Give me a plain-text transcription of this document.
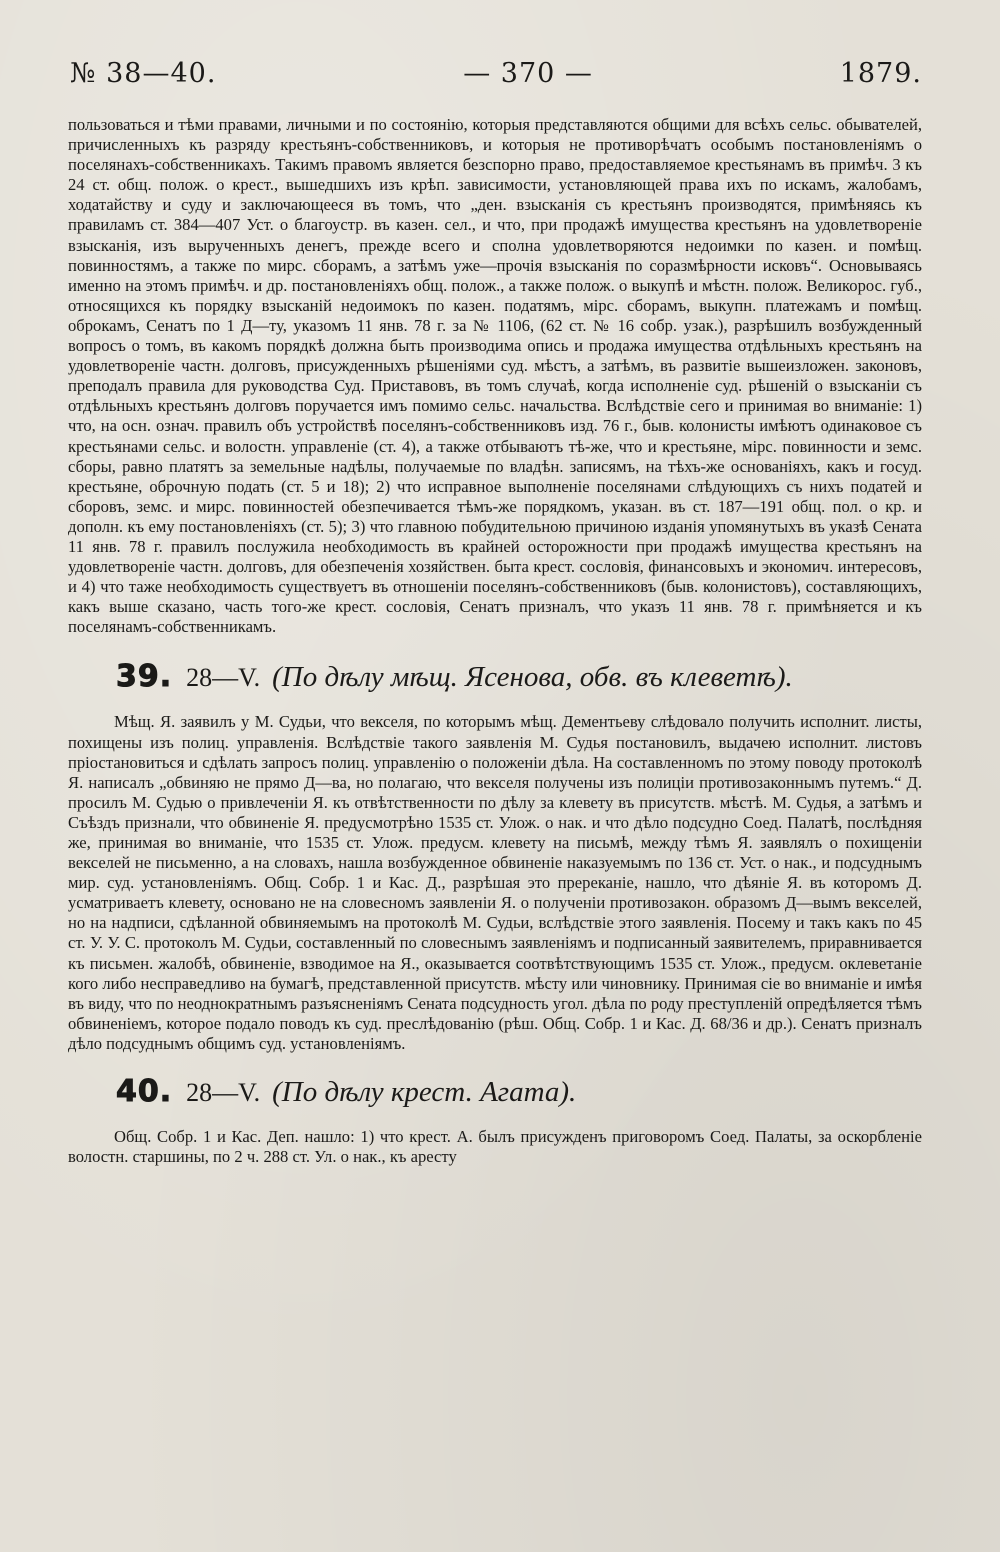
№ 38—40.	— 370 —	1879.

пользоваться и тѣми правами, личными и по состоянію, которыя представляются общими для всѣхъ сельс. обывателей, причисленныхъ къ разряду крестьянъ-собственниковъ, и которыя не противорѣчатъ особымъ постановленіямъ о поселянахъ-собственникахъ. Такимъ правомъ является безспорно право, предоставляемое крестьянамъ въ примѣч. 3 къ 24 ст. общ. полож. о крест., вышедшихъ изъ крѣп. зависимости, установляющей права ихъ по искамъ, жалобамъ, ходатайству и суду и заключающееся въ томъ, что „ден. взысканія съ крестьянъ производятся, примѣняясь къ правиламъ ст. 384—407 Уст. о благоустр. въ казен. сел., и что, при продажѣ имущества крестьянъ на удовлетвореніе взысканія, изъ вырученныхъ денегъ, прежде всего и сполна удовлетворяются недоимки по казен. и помѣщ. повинностямъ, а также по мирс. сборамъ, а затѣмъ уже—прочія взысканія по соразмѣрности исковъ“. Основываясь именно на этомъ примѣч. и др. постановленіяхъ общ. полож., а также полож. о выкупѣ и мѣстн. полож. Великорос. губ., относящихся къ порядку взысканій недоимокъ по казен. податямъ, мірс. сборамъ, выкупн. платежамъ и помѣщ. оброкамъ, Сенатъ по 1 Д—ту, указомъ 11 янв. 78 г. за № 1106, (62 ст. № 16 собр. узак.), разрѣшилъ возбужденный вопросъ о томъ, въ какомъ порядкѣ должна быть производима опись и продажа имущества отдѣльныхъ крестьянъ на удовлетвореніе частн. долговъ, присужденныхъ рѣшеніями суд. мѣстъ, а затѣмъ, въ развитіе вышеизложен. законовъ, преподалъ правила для руководства Суд. Приставовъ, въ томъ случаѣ, когда исполненіе суд. рѣшеній о взысканіи съ отдѣльныхъ крестьянъ долговъ поручается имъ помимо сельс. начальства. Вслѣдствіе сего и принимая во вниманіе: 1) что, на осн. означ. правилъ объ устройствѣ поселянъ-собственниковъ изд. 76 г., быв. колонисты имѣютъ одинаковое съ крестьянами сельс. и волостн. управленіе (ст. 4), а также отбываютъ тѣ-же, что и крестьяне, мірс. повинности и земс. сборы, равно платятъ за земельные надѣлы, получаемые по владѣн. записямъ, на тѣхъ-же основаніяхъ, какъ и госуд. крестьяне, оброчную подать (ст. 5 и 18); 2) что исправное выполненіе поселянами слѣдующихъ съ нихъ податей и сборовъ, земс. и мирс. повинностей обезпечивается тѣмъ-же порядкомъ, указан. въ ст. 187—191 общ. пол. о кр. и дополн. къ ему постановленіяхъ (ст. 5); 3) что главною побудительною причиною изданія упомянутыхъ въ указѣ Сената 11 янв. 78 г. правилъ послужила необходимость въ крайней осторожности при продажѣ имущества крестьянъ на удовлетвореніе частн. долговъ, для обезпеченія хозяйствен. быта крест. сословія, финансовыхъ и экономич. интересовъ, и 4) что таже необходимость существуетъ въ отношеніи поселянъ-собственниковъ (быв. колонистовъ), составляющихъ, какъ выше сказано, часть того-же крест. сословія, Сенатъ призналъ, что указъ 11 янв. 78 г. примѣняется и къ поселянамъ-собственникамъ.

39. 28—V. (По дѣлу мѣщ. Ясенова, обв. въ клеветѣ).

Мѣщ. Я. заявилъ у М. Судьи, что векселя, по которымъ мѣщ. Дементьеву слѣдовало получить исполнит. листы, похищены изъ полиц. управленія. Вслѣдствіе такого заявленія М. Судья постановилъ, выдачею исполнит. листовъ пріостановиться и сдѣлать запросъ полиц. управленію о положеніи дѣла. На составленномъ по этому поводу протоколѣ Я. написалъ „обвиняю не прямо Д—ва, но полагаю, что векселя получены изъ полиціи противозаконнымъ путемъ.“ Д. просилъ М. Судью о привлеченіи Я. къ отвѣтственности по дѣлу за клевету въ присутств. мѣстѣ. М. Судья, а затѣмъ и Съѣздъ признали, что обвиненіе Я. предусмотрѣно 1535 ст. Улож. о нак. и что дѣло подсудно Соед. Палатѣ, послѣдняя же, принимая во вниманіе, что 1535 ст. Улож. предусм. клевету на письмѣ, между тѣмъ Я. заявлялъ о похищеніи векселей не письменно, а на словахъ, нашла возбужденное обвиненіе наказуемымъ по 136 ст. Уст. о нак., и подсуднымъ мир. суд. установленіямъ. Общ. Собр. 1 и Кас. Д., разрѣшая это пререканіе, нашло, что дѣяніе Я. въ которомъ Д. усматриваетъ клевету, основано не на словесномъ заявленіи Я. о полученіи противозакон. образомъ Д—вымъ векселей, но на надписи, сдѣланной обвиняемымъ на протоколѣ М. Судьи, вслѣдствіе этого заявленія. Посему и такъ какъ по 45 ст. У. У. С. протоколъ М. Судьи, составленный по словеснымъ заявленіямъ и подписанный заявителемъ, приравнивается къ письмен. жалобѣ, обвиненіе, взводимое на Я., оказывается соотвѣтствующимъ 1535 ст. Улож., предусм. оклеветаніе кого либо несправедливо на бумагѣ, представленной присутств. мѣсту или чиновнику. Принимая сіе во вниманіе и имѣя въ виду, что по неоднократнымъ разъясненіямъ Сената подсудность угол. дѣла по роду преступленій опредѣляется тѣмъ обвиненіемъ, которое подало поводъ къ суд. преслѣдованію (рѣш. Общ. Собр. 1 и Кас. Д. 68/36 и др.). Сенатъ призналъ дѣло подсуднымъ общимъ суд. установленіямъ.

40. 28—V. (По дѣлу крест. Агата).

Общ. Собр. 1 и Кас. Деп. нашло: 1) что крест. А. былъ присужденъ приговоромъ Соед. Палаты, за оскорбленіе волостн. старшины, по 2 ч. 288 ст. Ул. о нак., къ аресту
